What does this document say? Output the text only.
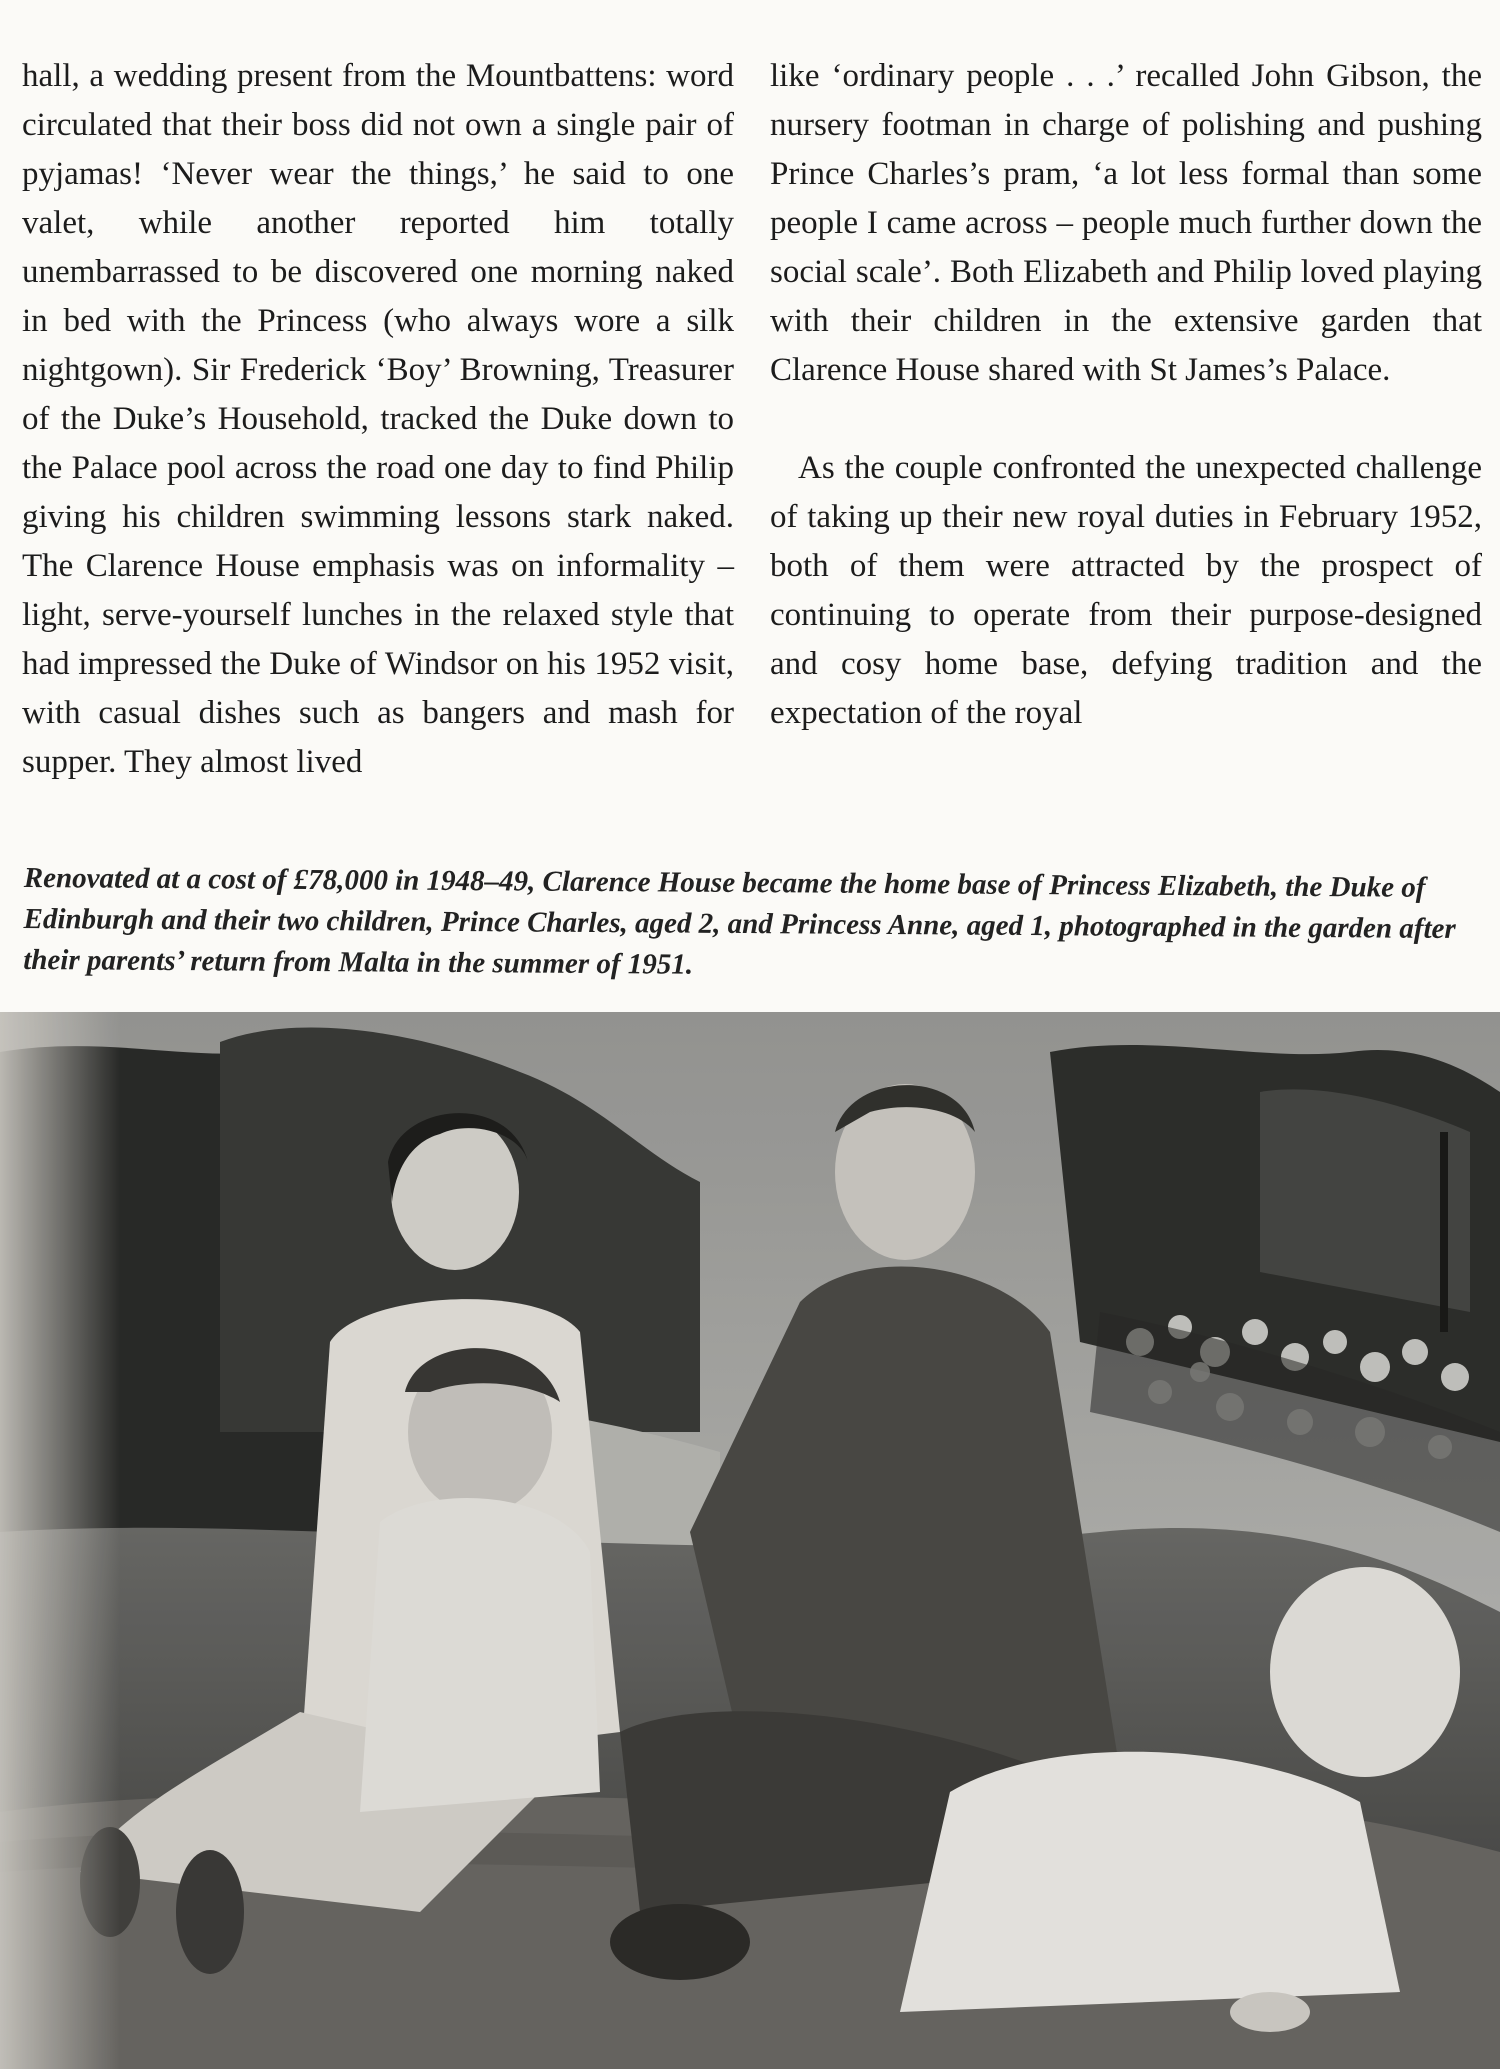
hall, a wedding present from the Mountbattens: word circulated that their boss did not own a single pair of pyjamas! ‘Never wear the things,’ he said to one valet, while another reported him totally unembarrassed to be discovered one morning naked in bed with the Princess (who always wore a silk nightgown). Sir Frederick ‘Boy’ Browning, Treasurer of the Duke’s Household, tracked the Duke down to the Palace pool across the road one day to find Philip giving his children swimming lessons stark naked. The Clarence House emphasis was on informality – light, serve-yourself lunches in the relaxed style that had impressed the Duke of Windsor on his 1952 visit, with casual dishes such as bangers and mash for supper. They almost lived

like ‘ordinary people . . .’ recalled John Gibson, the nursery footman in charge of polishing and pushing Prince Charles’s pram, ‘a lot less formal than some people I came across – people much further down the social scale’. Both Elizabeth and Philip loved playing with their children in the extensive garden that Clarence House shared with St James’s Palace.

As the couple confronted the unexpected challenge of taking up their new royal duties in February 1952, both of them were attracted by the prospect of continuing to operate from their purpose-designed and cosy home base, defying tradition and the expectation of the royal

Renovated at a cost of £78,000 in 1948–49, Clarence House became the home base of Princess Elizabeth, the Duke of Edinburgh and their two children, Prince Charles, aged 2, and Princess Anne, aged 1, photographed in the garden after their parents’ return from Malta in the summer of 1951.
